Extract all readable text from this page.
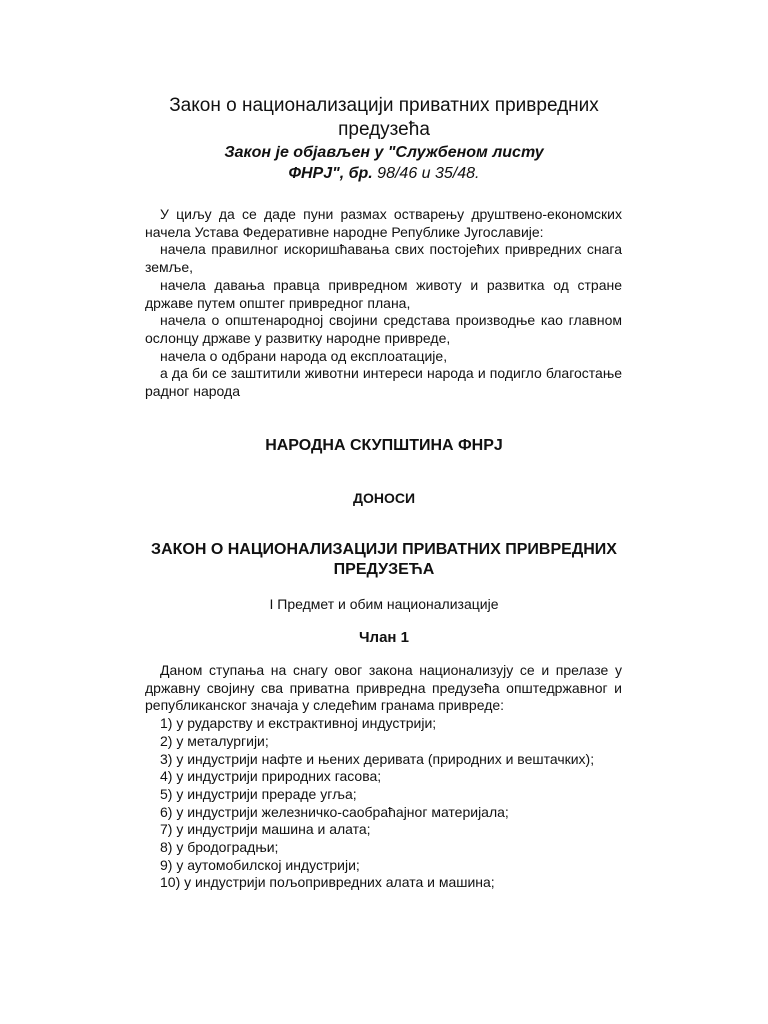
Закон о национализацији приватних привредних предузећа
Закон је објављен у "Службеном листу ФНРЈ", бр. 98/46 и 35/48.

У циљу да се даде пуни размах остварењу друштвено-економских начела Устава Федеративне народне Републике Југославије:

начела правилног искоришћавања свих постојећих привредних снага земље,

начела давања правца привредном животу и развитка од стране државе путем општег привредног плана,

начела о општенародној својини средстава производње као главном ослонцу државе у развитку народне привреде,

начела о одбрани народа од експлоатације,

а да би се заштитили животни интереси народа и подигло благостање радног народа

НАРОДНА СКУПШТИНА ФНРЈ
ДОНОСИ
ЗАКОН О НАЦИОНАЛИЗАЦИЈИ ПРИВАТНИХ ПРИВРЕДНИХ ПРЕДУЗЕЋА
I Предмет и обим национализације
Члан 1

Даном ступања на снагу овог закона национализују се и прелазе у државну својину сва приватна привредна предузећа општедржавног и републиканског значаја у следећим гранама привреде:

1) у рударству и екстрактивној индустрији;
2) у металургији;
3) у индустрији нафте и њених деривата (природних и вештачких);
4) у индустрији природних гасова;
5) у индустрији прераде угља;
6) у индустрији железничко-саобраћајног материјала;
7) у индустрији машина и алата;
8) у бродоградњи;
9) у аутомобилској индустрији;
10) у индустрији пољопривредних алата и машина;
